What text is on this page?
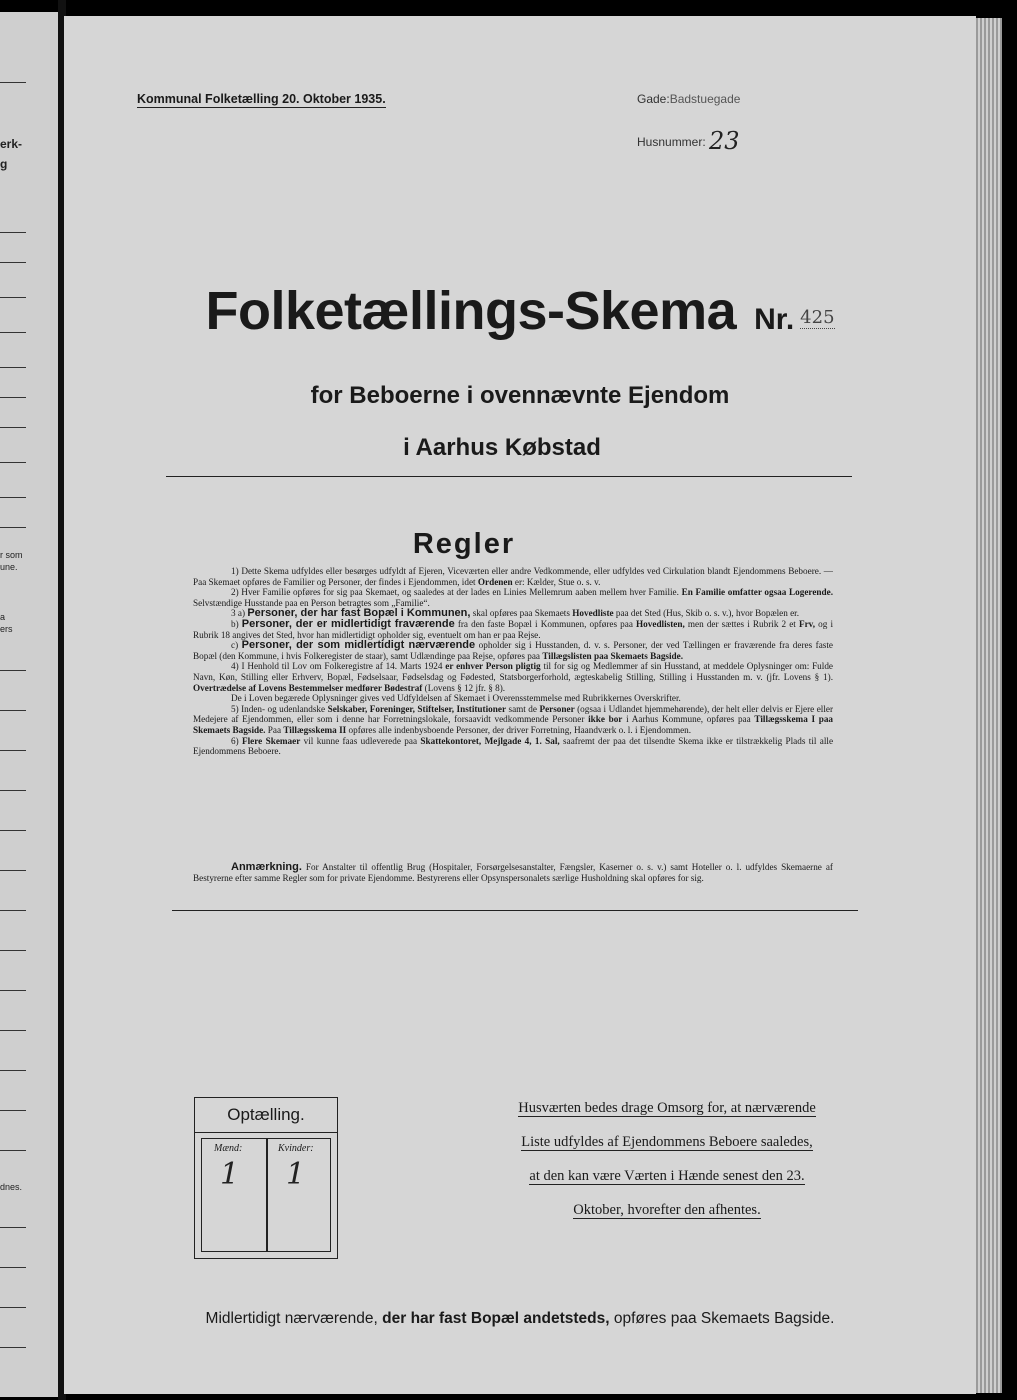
erk-
g
r som
une.
a
ers
dnes.
Kommunal Folketælling 20. Oktober 1935.	Gade:Badstuegade
Husnummer: 23
Folketællings-Skema Nr. 425
for Beboerne i ovennævnte Ejendom
i Aarhus Købstad
Regler

1) Dette Skema udfyldes eller besørges udfyldt af Ejeren, Viceværten eller andre Vedkommende, eller udfyldes ved Cirkulation blandt Ejendommens Beboere. — Paa Skemaet opføres de Familier og Personer, der findes i Ejendommen, idet Ordenen er: Kælder, Stue o. s. v.

2) Hver Familie opføres for sig paa Skemaet, og saaledes at der lades en Linies Mellemrum aaben mellem hver Familie. En Familie omfatter ogsaa Logerende. Selvstændige Husstande paa en Person betragtes som „Familie“.

3 a) Personer, der har fast Bopæl i Kommunen, skal opføres paa Skemaets Hovedliste paa det Sted (Hus, Skib o. s. v.), hvor Bopælen er.

b) Personer, der er midlertidigt fraværende fra den faste Bopæl i Kommunen, opføres paa Hovedlisten, men der sættes i Rubrik 2 et Frv, og i Rubrik 18 angives det Sted, hvor han midlertidigt opholder sig, eventuelt om han er paa Rejse.

c) Personer, der som midlertidigt nærværende opholder sig i Husstanden, d. v. s. Personer, der ved Tællingen er fraværende fra deres faste Bopæl (den Kommune, i hvis Folkeregister de staar), samt Udlændinge paa Rejse, opføres paa Tillægslisten paa Skemaets Bagside.

4) I Henhold til Lov om Folkeregistre af 14. Marts 1924 er enhver Person pligtig til for sig og Medlemmer af sin Husstand, at meddele Oplysninger om: Fulde Navn, Køn, Stilling eller Erhverv, Bopæl, Fødselsaar, Fødselsdag og Fødested, Statsborgerforhold, ægteskabelig Stilling, Stilling i Husstanden m. v. (jfr. Lovens § 1). Overtrædelse af Lovens Bestemmelser medfører Bødestraf (Lovens § 12 jfr. § 8).

De i Loven begærede Oplysninger gives ved Udfyldelsen af Skemaet i Overensstemmelse med Rubrikkernes Overskrifter.

5) Inden- og udenlandske Selskaber, Foreninger, Stiftelser, Institutioner samt de Personer (ogsaa i Udlandet hjemmehørende), der helt eller delvis er Ejere eller Medejere af Ejendommen, eller som i denne har Forretningslokale, forsaavidt vedkommende Personer ikke bor i Aarhus Kommune, opføres paa Tillægsskema I paa Skemaets Bagside. Paa Tillægsskema II opføres alle indenbysboende Personer, der driver Forretning, Haandværk o. l. i Ejendommen.

6) Flere Skemaer vil kunne faas udleverede paa Skattekontoret, Mejlgade 4, 1. Sal, saafremt der paa det tilsendte Skema ikke er tilstrækkelig Plads til alle Ejendommens Beboere.

Anmærkning. For Anstalter til offentlig Brug (Hospitaler, Forsørgelsesanstalter, Fængsler, Kaserner o. s. v.) samt Hoteller o. l. udfyldes Skemaerne af Bestyrerne efter samme Regler som for private Ejendomme. Bestyrerens eller Opsynspersonalets særlige Husholdning skal opføres for sig.

Optælling.
Mænd:	Kvinder:
1 1
Husværten bedes drage Omsorg for, at nærværende
Liste udfyldes af Ejendommens Beboere saaledes,
at den kan være Værten i Hænde senest den 23.
Oktober, hvorefter den afhentes.
Midlertidigt nærværende, der har fast Bopæl andetsteds, opføres paa Skemaets Bagside.
